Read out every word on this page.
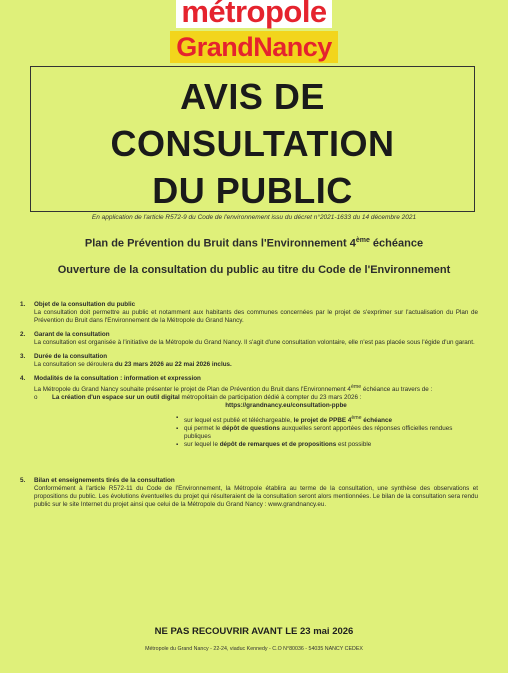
métropole
GrandNancy
AVIS DE
CONSULTATION
DU PUBLIC
En application de l'article R572-9 du Code de l'environnement issu du décret n°2021-1633 du 14 décembre 2021
Plan de Prévention du Bruit dans l'Environnement 4ème échéance
Ouverture de la consultation du public au titre du Code de l'Environnement
1. Objet de la consultation du public
La consultation doit permettre au public et notamment aux habitants des communes concernées par le projet de s'exprimer sur l'actualisation du Plan de Prévention du Bruit dans l'Environnement de la Métropole du Grand Nancy.
2. Garant de la consultation
La consultation est organisée à l'initiative de la Métropole du Grand Nancy. Il s'agit d'une consultation volontaire, elle n'est pas placée sous l'égide d'un garant.
3. Durée de la consultation
La consultation se déroulera du 23 mars 2026 au 22 mai 2026 inclus.
4. Modalités de la consultation : information et expression
La Métropole du Grand Nancy souhaite présenter le projet de Plan de Prévention du Bruit dans l'Environnement 4ème échéance au travers de :
o La création d'un espace sur un outil digital métropolitain de participation dédié à compter du 23 mars 2026 :
https://grandnancy.eu/consultation-ppbe
▪ sur lequel est publié et téléchargeable, le projet de PPBE 4ème échéance
▪ qui permet le dépôt de questions auxquelles seront apportées des réponses officielles rendues publiques
▪ sur lequel le dépôt de remarques et de propositions est possible
5. Bilan et enseignements tirés de la consultation
Conformément à l'article R572-11 du Code de l'Environnement, la Métropole établira au terme de la consultation, une synthèse des observations et propositions du public. Les évolutions éventuelles du projet qui résulteraient de la consultation seront alors mentionnées. Le bilan de la consultation sera rendu public sur le site Internet du projet ainsi que celui de la Métropole du Grand Nancy : www.grandnancy.eu.
NE PAS RECOUVRIR AVANT LE 23 mai 2026
Métropole du Grand Nancy - 22-24, viaduc Kennedy - C.O N°80036 - 54035 NANCY CEDEX
